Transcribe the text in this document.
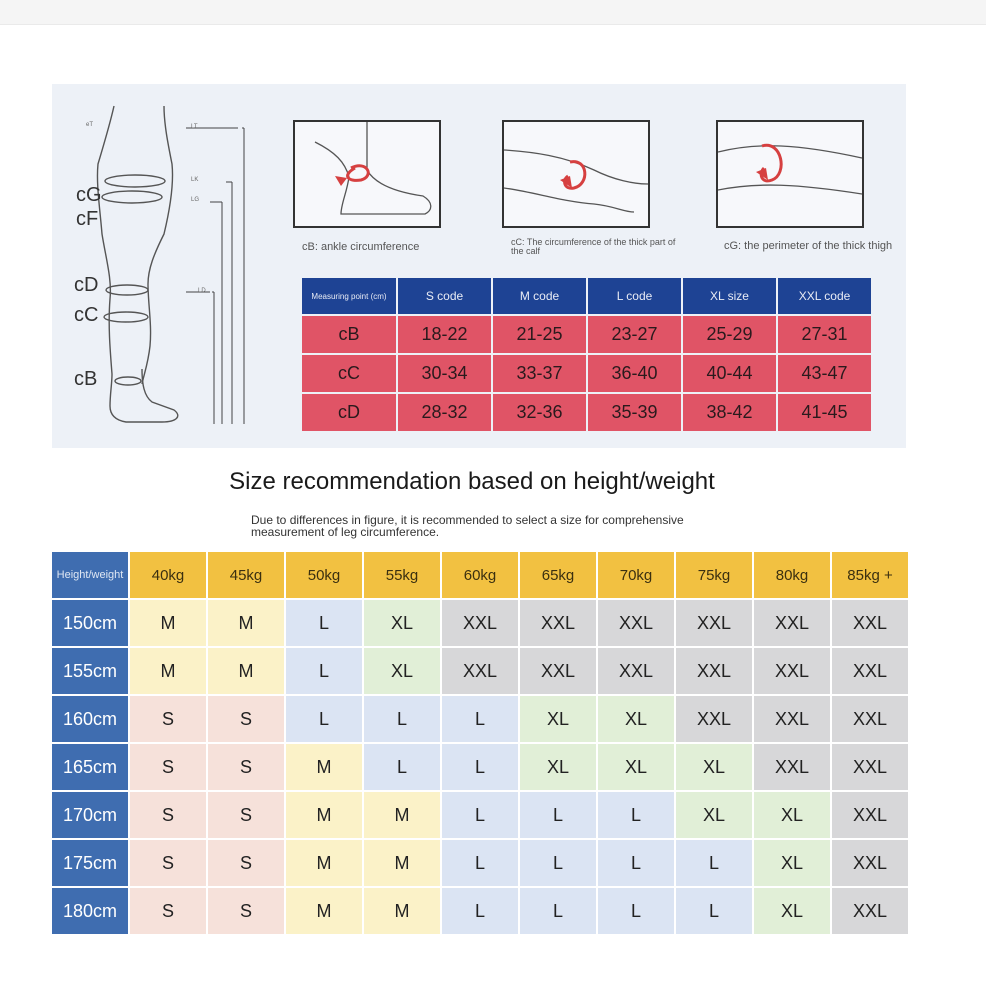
eT	LT
LK
LG
LD
cG
cF
cD
cC
cB
cB: ankle circumference	cC: The circumference of the thick part of the calf	cG: the perimeter of the thick thigh
Measuring point (cm)	S code	M code	L code	XL size	XXL code
cB	18-22	21-25	23-27	25-29	27-31
cC	30-34	33-37	36-40	40-44	43-47
cD	28-32	32-36	35-39	38-42	41-45
Size recommendation based on height/weight
Due to differences in figure, it is recommended to select a size for comprehensive measurement of leg circumference.
Height/weight	40kg	45kg	50kg	55kg	60kg	65kg	70kg	75kg	80kg	85kg +
150cm	M	M	L	XL	XXL	XXL	XXL	XXL	XXL	XXL
155cm	M	M	L	XL	XXL	XXL	XXL	XXL	XXL	XXL
160cm	S	S	L	L	L	XL	XL	XXL	XXL	XXL
165cm	S	S	M	L	L	XL	XL	XL	XXL	XXL
170cm	S	S	M	M	L	L	L	XL	XL	XXL
175cm	S	S	M	M	L	L	L	L	XL	XXL
180cm	S	S	M	M	L	L	L	L	XL	XXL
